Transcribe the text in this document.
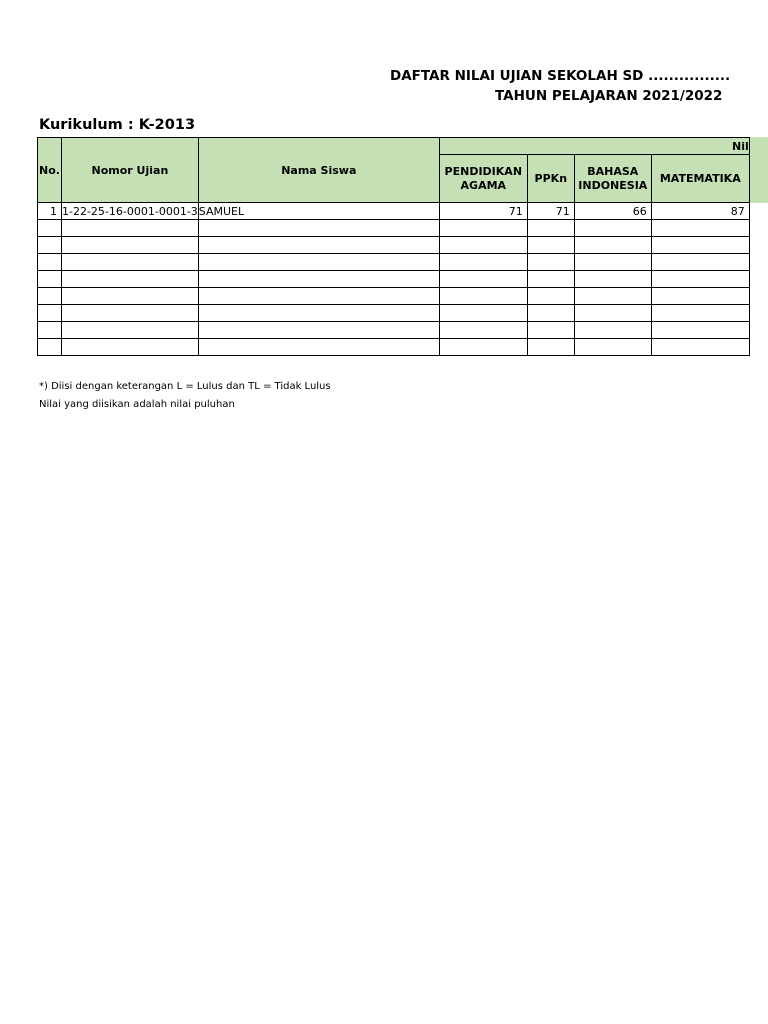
DAFTAR NILAI UJIAN SEKOLAH SD ................
TAHUN PELAJARAN 2021/2022
Kurikulum : K-2013
No.	Nomor Ujian	Nama Siswa	Nil			
			PENDIDIKAN AGAMA	PPKn	BAHASA INDONESIA	MATEMATIKA
1	1-22-25-16-0001-0001-3	SAMUEL	71	71	66	87

*) Diisi dengan keterangan L = Lulus dan TL = Tidak Lulus
Nilai yang diisikan adalah nilai puluhan
